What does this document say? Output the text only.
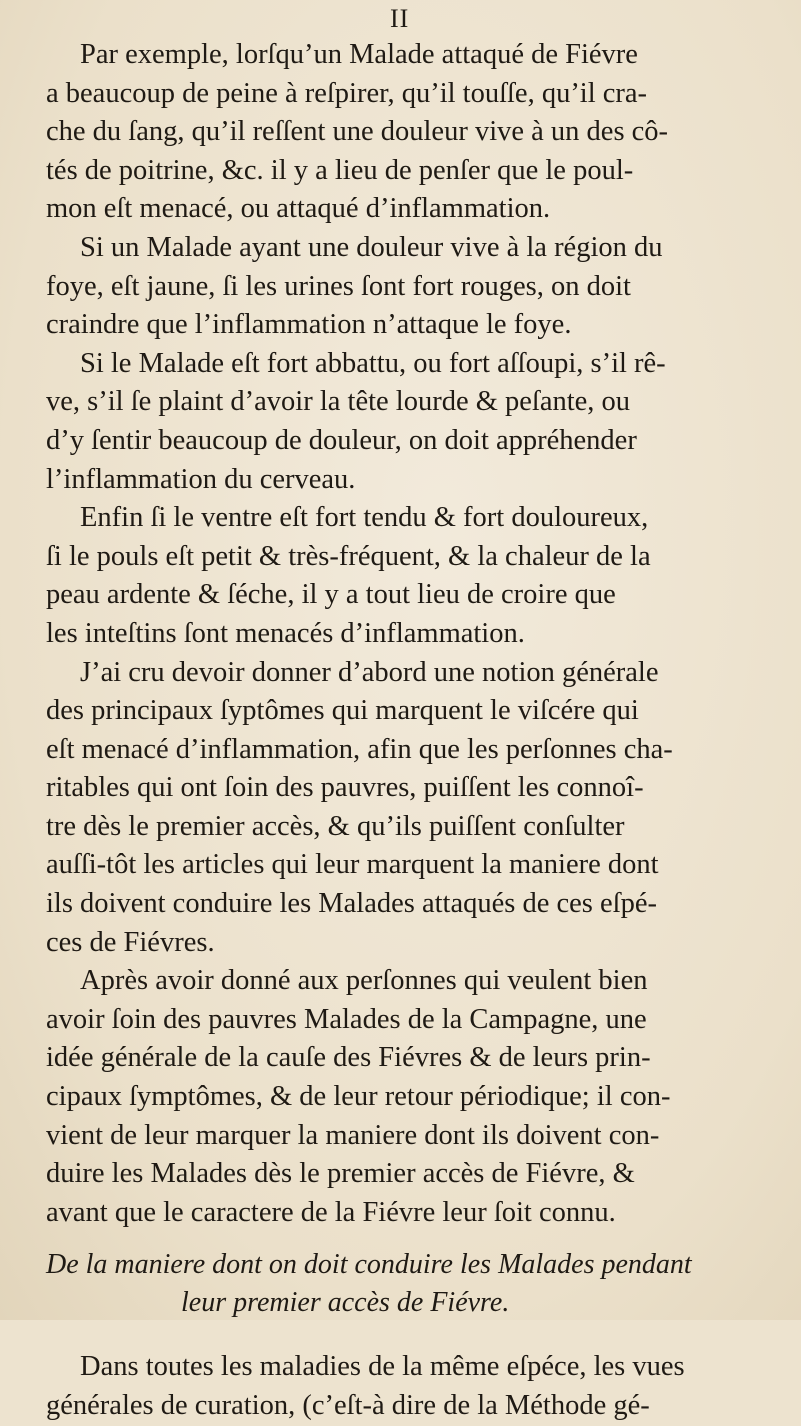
II

Par exemple, lorſqu’un Malade attaqué de Fiévre
a beaucoup de peine à reſpirer, qu’il touſſe, qu’il cra-
che du ſang, qu’il reſſent une douleur vive à un des cô-
tés de poitrine, &c. il y a lieu de penſer que le poul-
mon eſt menacé, ou attaqué d’inflammation.

Si un Malade ayant une douleur vive à la région du
foye, eſt jaune, ſi les urines ſont fort rouges, on doit
craindre que l’inflammation n’attaque le foye.

Si le Malade eſt fort abbattu, ou fort aſſoupi, s’il rê-
ve, s’il ſe plaint d’avoir la tête lourde & peſante, ou
d’y ſentir beaucoup de douleur, on doit appréhender
l’inflammation du cerveau.

Enfin ſi le ventre eſt fort tendu & fort douloureux,
ſi le pouls eſt petit & très-fréquent, & la chaleur de la
peau ardente & ſéche, il y a tout lieu de croire que
les inteſtins ſont menacés d’inflammation.

J’ai cru devoir donner d’abord une notion générale
des principaux ſyptômes qui marquent le viſcére qui
eſt menacé d’inflammation, afin que les perſonnes cha-
ritables qui ont ſoin des pauvres, puiſſent les connoî-
tre dès le premier accès, & qu’ils puiſſent conſulter
auſſi-tôt les articles qui leur marquent la maniere dont
ils doivent conduire les Malades attaqués de ces eſpé-
ces de Fiévres.

Après avoir donné aux perſonnes qui veulent bien
avoir ſoin des pauvres Malades de la Campagne, une
idée générale de la cauſe des Fiévres & de leurs prin-
cipaux ſymptômes, & de leur retour périodique; il con-
vient de leur marquer la maniere dont ils doivent con-
duire les Malades dès le premier accès de Fiévre, &
avant que le caractere de la Fiévre leur ſoit connu.

De la maniere dont on doit conduire les Malades pendant
leur premier accès de Fiévre.

Dans toutes les maladies de la même eſpéce, les vues
générales de curation, (c’eſt-à dire de la Méthode gé-
